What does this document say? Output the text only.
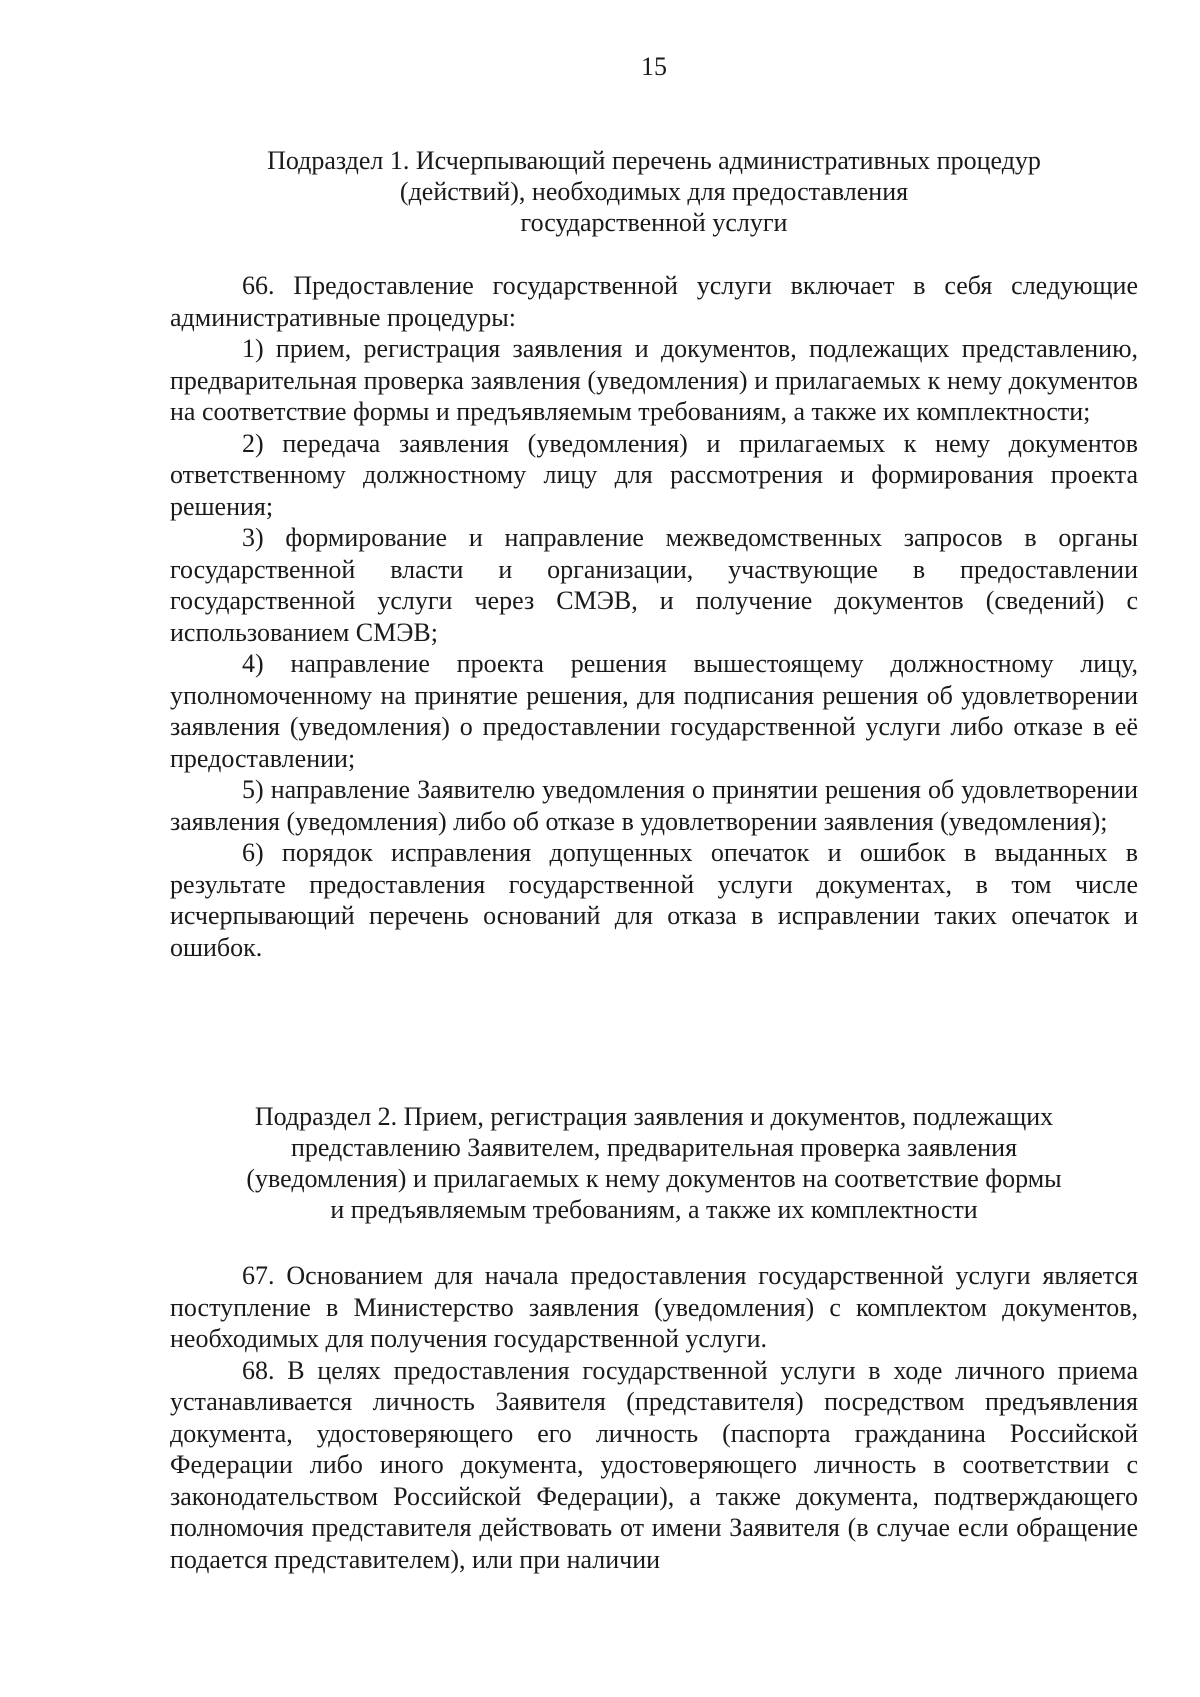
15
Подраздел 1. Исчерпывающий перечень административных процедур
(действий), необходимых для предоставления
государственной услуги

66. Предоставление государственной услуги включает в себя следующие административные процедуры:

1) прием, регистрация заявления и документов, подлежащих представлению, предварительная проверка заявления (уведомления) и прилагаемых к нему документов на соответствие формы и предъявляемым требованиям, а также их комплектности;

2) передача заявления (уведомления) и прилагаемых к нему документов ответственному должностному лицу для рассмотрения и формирования проекта решения;

3) формирование и направление межведомственных запросов в органы государственной власти и организации, участвующие в предоставлении государственной услуги через СМЭВ, и получение документов (сведений) с использованием СМЭВ;

4) направление проекта решения вышестоящему должностному лицу, уполномоченному на принятие решения, для подписания решения об удовлетворении заявления (уведомления) о предоставлении государственной услуги либо отказе в её предоставлении;

5) направление Заявителю уведомления о принятии решения об удовлетворении заявления (уведомления) либо об отказе в удовлетворении заявления (уведомления);

6) порядок исправления допущенных опечаток и ошибок в выданных в результате предоставления государственной услуги документах, в том числе исчерпывающий перечень оснований для отказа в исправлении таких опечаток и ошибок.

Подраздел 2. Прием, регистрация заявления и документов, подлежащих
представлению Заявителем, предварительная проверка заявления
(уведомления) и прилагаемых к нему документов на соответствие формы
и предъявляемым требованиям, а также их комплектности

67. Основанием для начала предоставления государственной услуги является поступление в Министерство заявления (уведомления) с комплектом документов, необходимых для получения государственной услуги.

68. В целях предоставления государственной услуги в ходе личного приема устанавливается личность Заявителя (представителя) посредством предъявления документа, удостоверяющего его личность (паспорта гражданина Российской Федерации либо иного документа, удостоверяющего личность в соответствии с законодательством Российской Федерации), а также документа, подтверждающего полномочия представителя действовать от имени Заявителя (в случае если обращение подается представителем), или при наличии
